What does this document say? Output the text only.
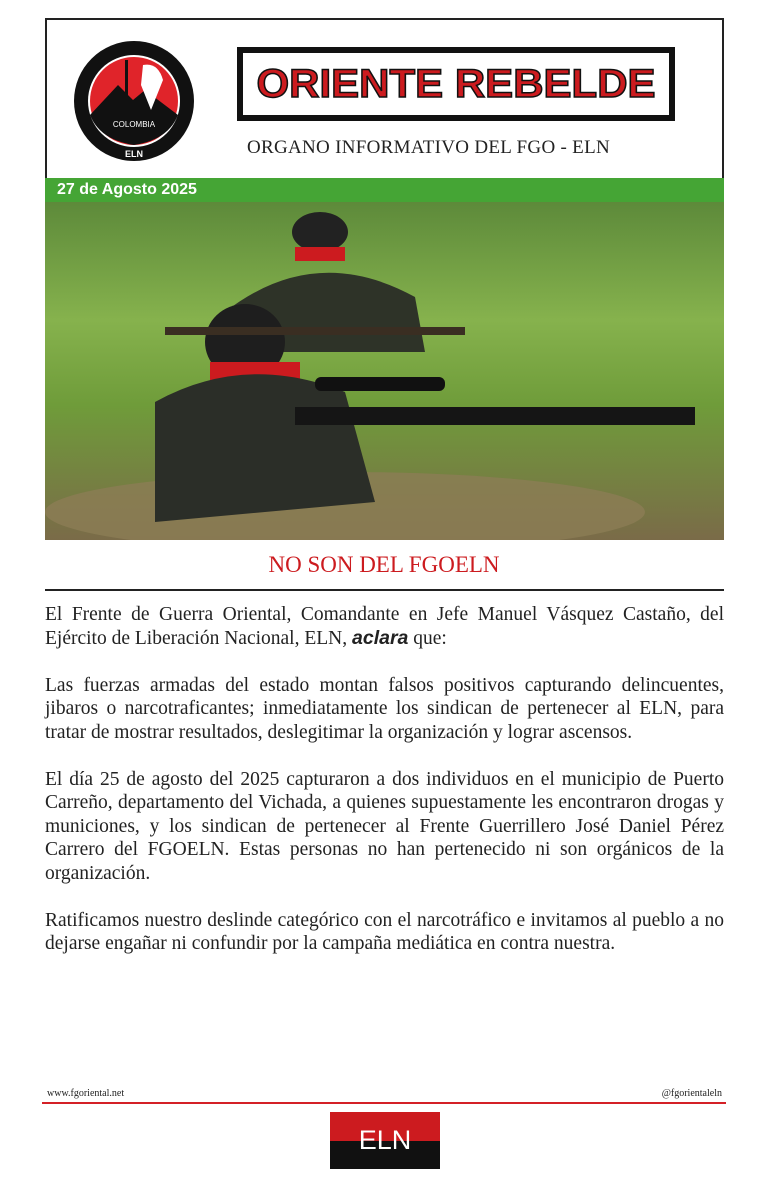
COLOMBIA
ELN
ORIENTE REBELDE
ORGANO INFORMATIVO DEL FGO - ELN
27 de Agosto 2025
NO SON DEL FGOELN

El Frente de Guerra Oriental, Comandante en Jefe Manuel Vásquez Castaño, del Ejército de Liberación Nacional, ELN, aclara que:

Las fuerzas armadas del estado montan falsos positivos capturando delincuentes, jibaros o narcotraficantes; inmediatamente los sindican de pertenecer al ELN, para tratar de mostrar resultados, deslegitimar la organización y lograr ascensos.

El día 25 de agosto del 2025 capturaron a dos individuos en el municipio de Puerto Carreño, departamento del Vichada, a quienes supuestamente les encontraron drogas y municiones, y los sindican de pertenecer al Frente Guerrillero José Daniel Pérez Carrero del FGOELN. Estas personas no han pertenecido ni son orgánicos de la organización.

Ratificamos nuestro deslinde categórico con el narcotráfico e invitamos al pueblo a no dejarse engañar ni confundir por la campaña mediática en contra nuestra.

www.fgoriental.net	@fgorientaleln
ELN
